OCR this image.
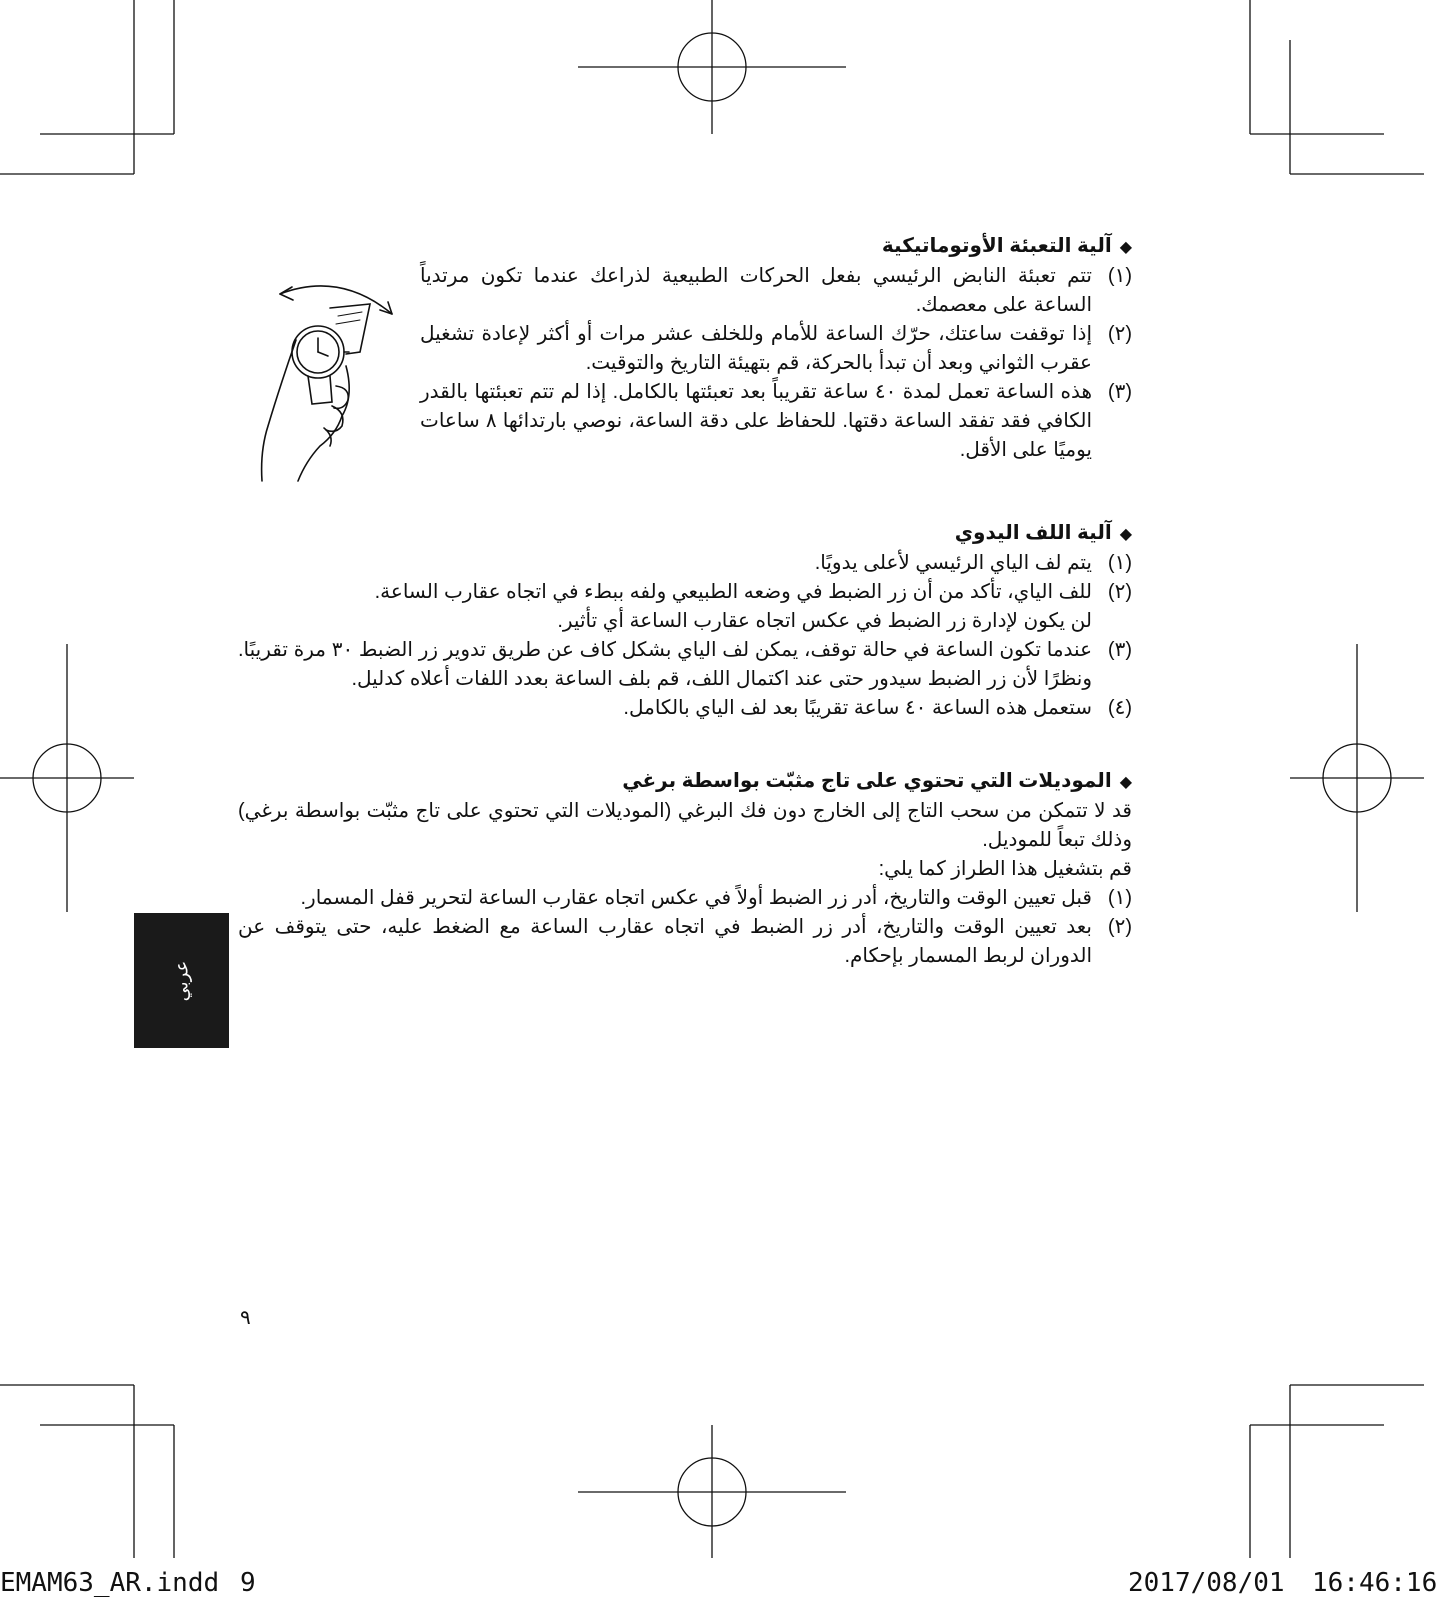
◆آلية التعبئة الأوتوماتيكية
(١)
تتم تعبئة النابض الرئيسي بفعل الحركات الطبيعية لذراعك عندما تكون مرتدياً الساعة على معصمك.
(٢)
إذا توقفت ساعتك، حرّك الساعة للأمام وللخلف عشر مرات أو أكثر لإعادة تشغيل عقرب الثواني وبعد أن تبدأ بالحركة، قم بتهيئة التاريخ والتوقيت.
(٣)
هذه الساعة تعمل لمدة ٤٠ ساعة تقريباً بعد تعبئتها بالكامل. إذا لم تتم تعبئتها بالقدر الكافي فقد تفقد الساعة دقتها. للحفاظ على دقة الساعة، نوصي بارتدائها ٨ ساعات يوميًا على الأقل.
◆آلية اللف اليدوي
(١)
يتم لف الياي الرئيسي لأعلى يدويًا.
(٢)
للف الياي، تأكد من أن زر الضبط في وضعه الطبيعي ولفه ببطء في اتجاه عقارب الساعة.
لن يكون لإدارة زر الضبط في عكس اتجاه عقارب الساعة أي تأثير.
(٣)
عندما تكون الساعة في حالة توقف، يمكن لف الياي بشكل كاف عن طريق تدوير زر الضبط ٣٠ مرة تقريبًا. ونظرًا لأن زر الضبط سيدور حتى عند اكتمال اللف، قم بلف الساعة بعدد اللفات أعلاه كدليل.
(٤)
ستعمل هذه الساعة ٤٠ ساعة تقريبًا بعد لف الياي بالكامل.
◆الموديلات التي تحتوي على تاج مثبّت بواسطة برغي
قد لا تتمكن من سحب التاج إلى الخارج دون فك البرغي (الموديلات التي تحتوي على تاج مثبّت بواسطة برغي) وذلك تبعاً للموديل.
قم بتشغيل هذا الطراز كما يلي:
(١)
قبل تعيين الوقت والتاريخ، أدر زر الضبط أولاً في عكس اتجاه عقارب الساعة لتحرير قفل المسمار.
(٢)
بعد تعيين الوقت والتاريخ، أدر زر الضبط في اتجاه عقارب الساعة مع الضغط عليه، حتى يتوقف عن الدوران لربط المسمار بإحكام.
عربي
٩
EMAM63_AR.indd 9	2017/08/01 16:46:16
